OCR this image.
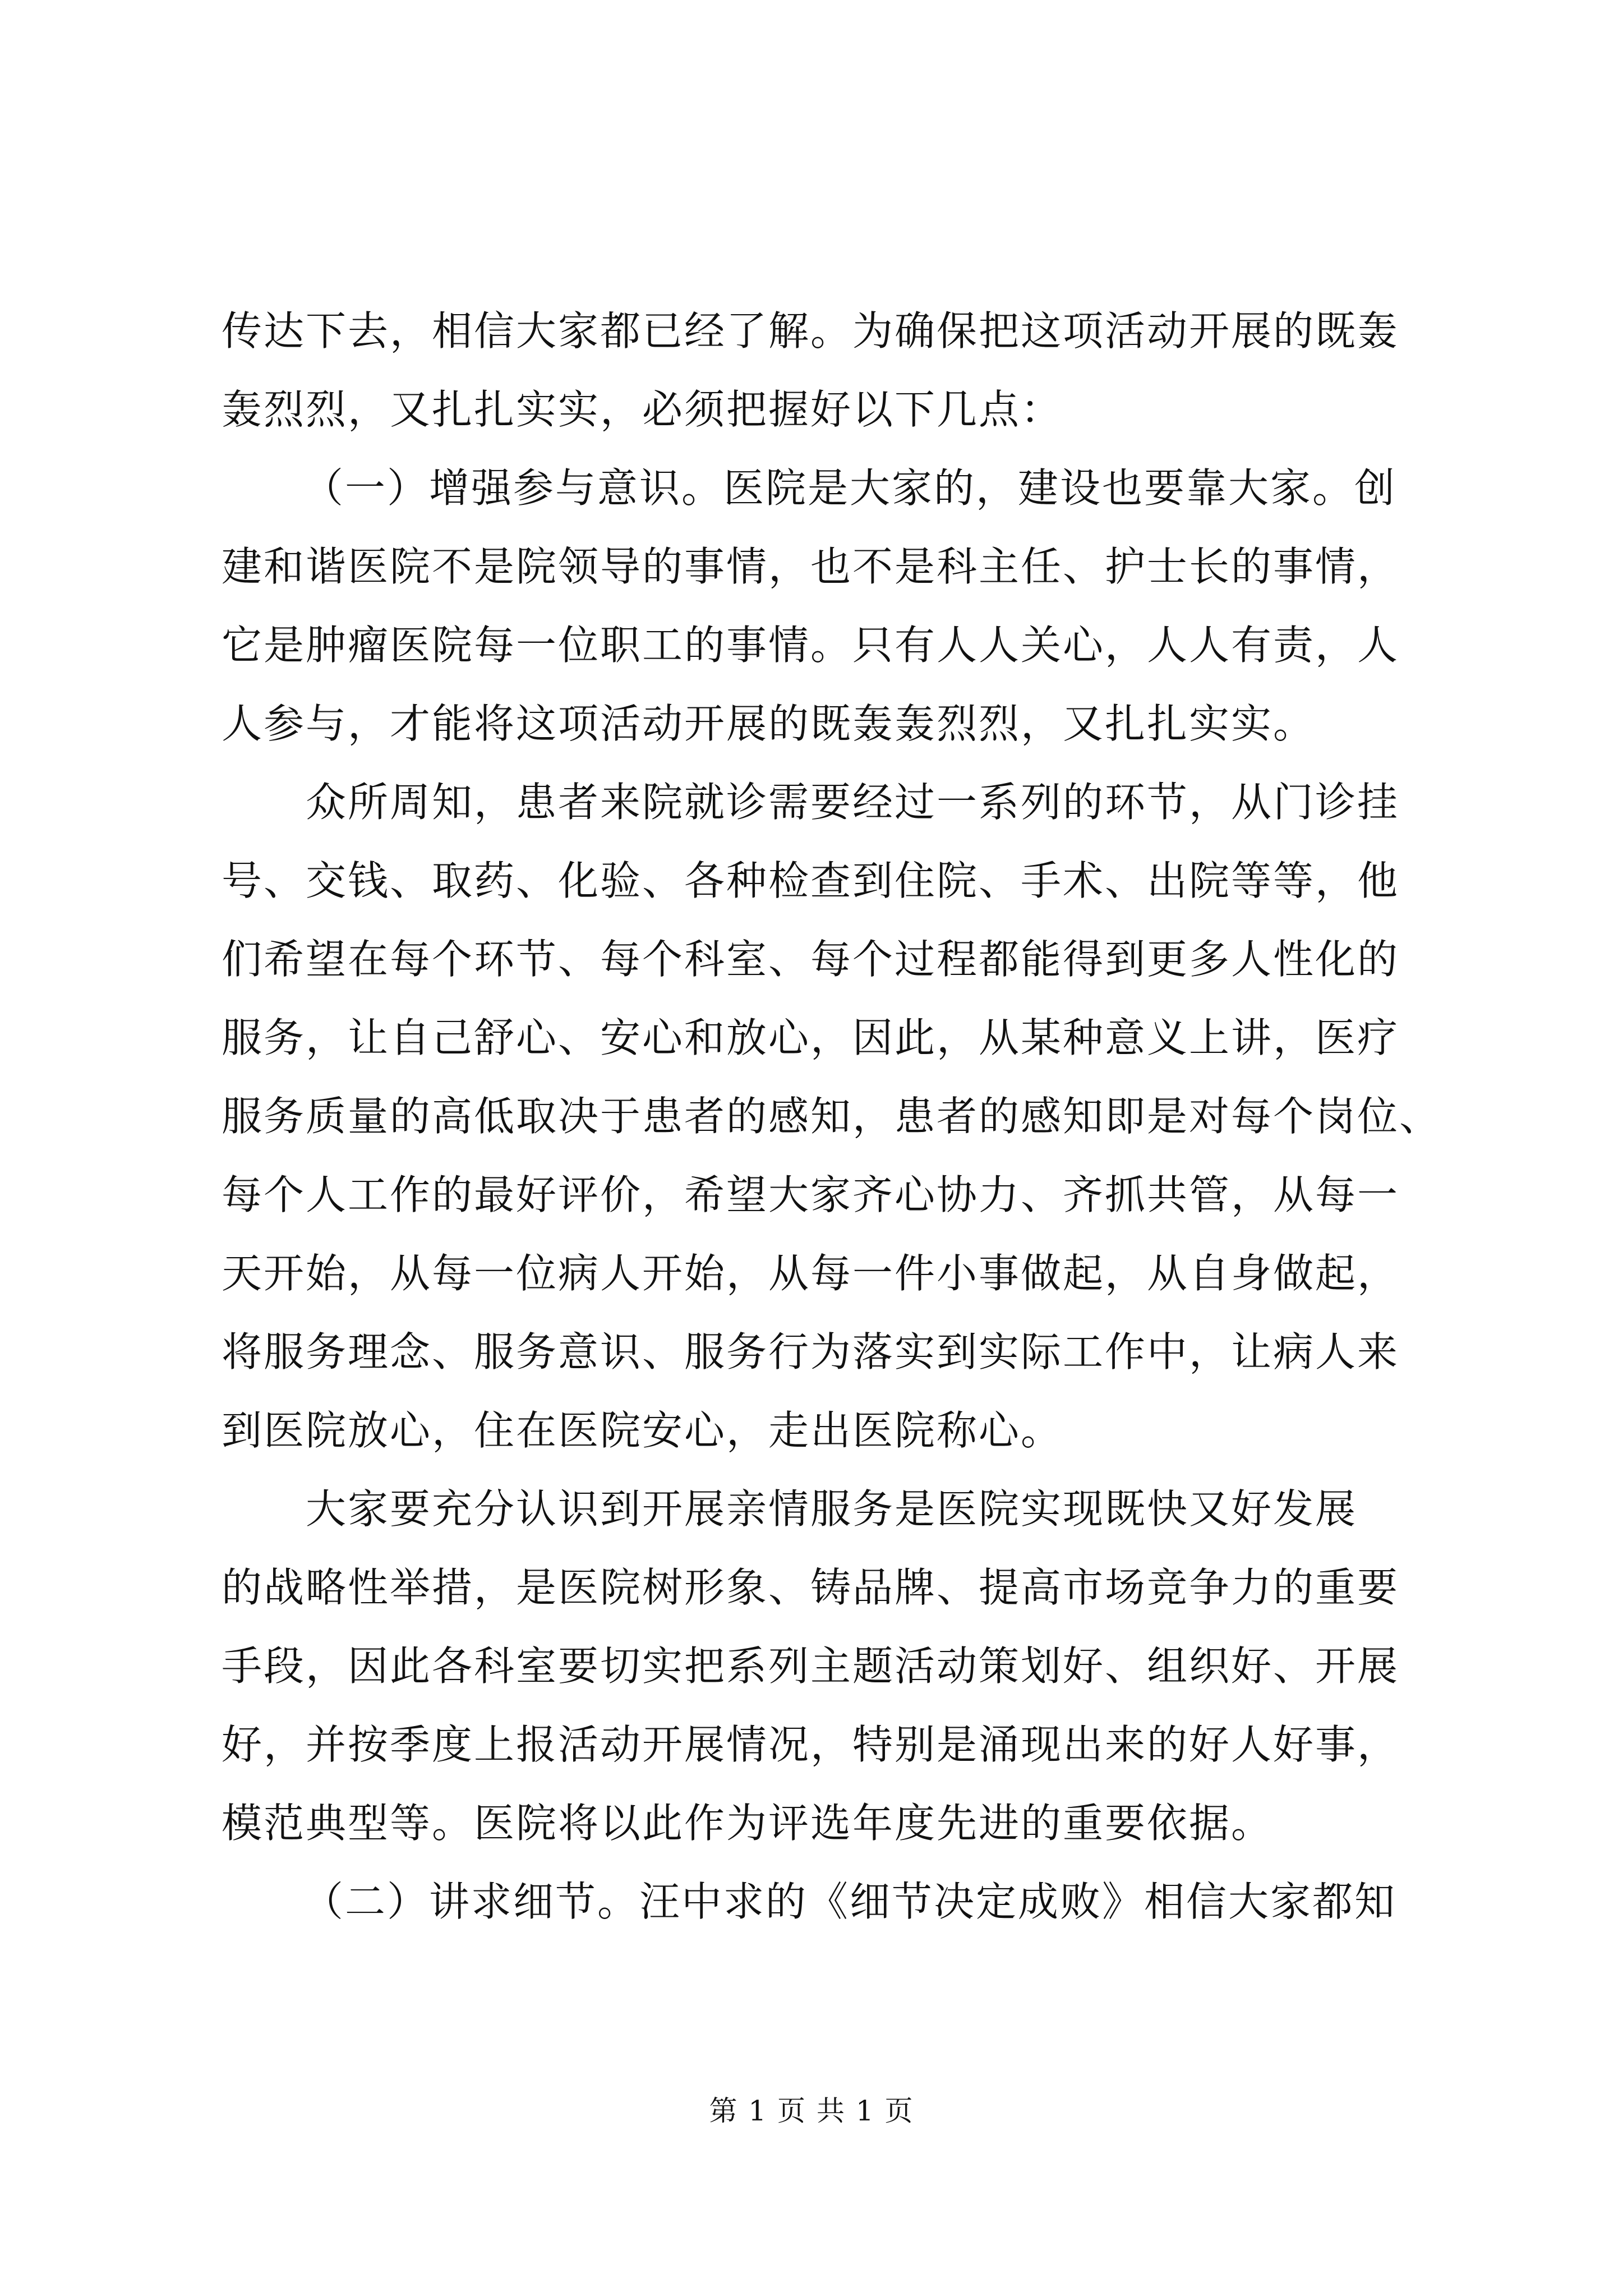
传达下去，相信大家都已经了解。为确保把这项活动开展的既轰
轰烈烈，又扎扎实实，必须把握好以下几点：
（一）增强参与意识。医院是大家的，建设也要靠大家。创
建和谐医院不是院领导的事情，也不是科主任、护士长的事情，
它是肿瘤医院每一位职工的事情。只有人人关心，人人有责，人
人参与，才能将这项活动开展的既轰轰烈烈，又扎扎实实。
众所周知，患者来院就诊需要经过一系列的环节，从门诊挂
号、交钱、取药、化验、各种检查到住院、手术、出院等等，他
们希望在每个环节、每个科室、每个过程都能得到更多人性化的
服务，让自己舒心、安心和放心，因此，从某种意义上讲，医疗
服务质量的高低取决于患者的感知，患者的感知即是对每个岗位、
每个人工作的最好评价，希望大家齐心协力、齐抓共管，从每一
天开始，从每一位病人开始，从每一件小事做起，从自身做起，
将服务理念、服务意识、服务行为落实到实际工作中，让病人来
到医院放心，住在医院安心，走出医院称心。
大家要充分认识到开展亲情服务是医院实现既快又好发展
的战略性举措，是医院树形象、铸品牌、提高市场竞争力的重要
手段，因此各科室要切实把系列主题活动策划好、组织好、开展
好，并按季度上报活动开展情况，特别是涌现出来的好人好事，
模范典型等。医院将以此作为评选年度先进的重要依据。
（二）讲求细节。汪中求的《细节决定成败》相信大家都知
第 1 页 共 1 页
